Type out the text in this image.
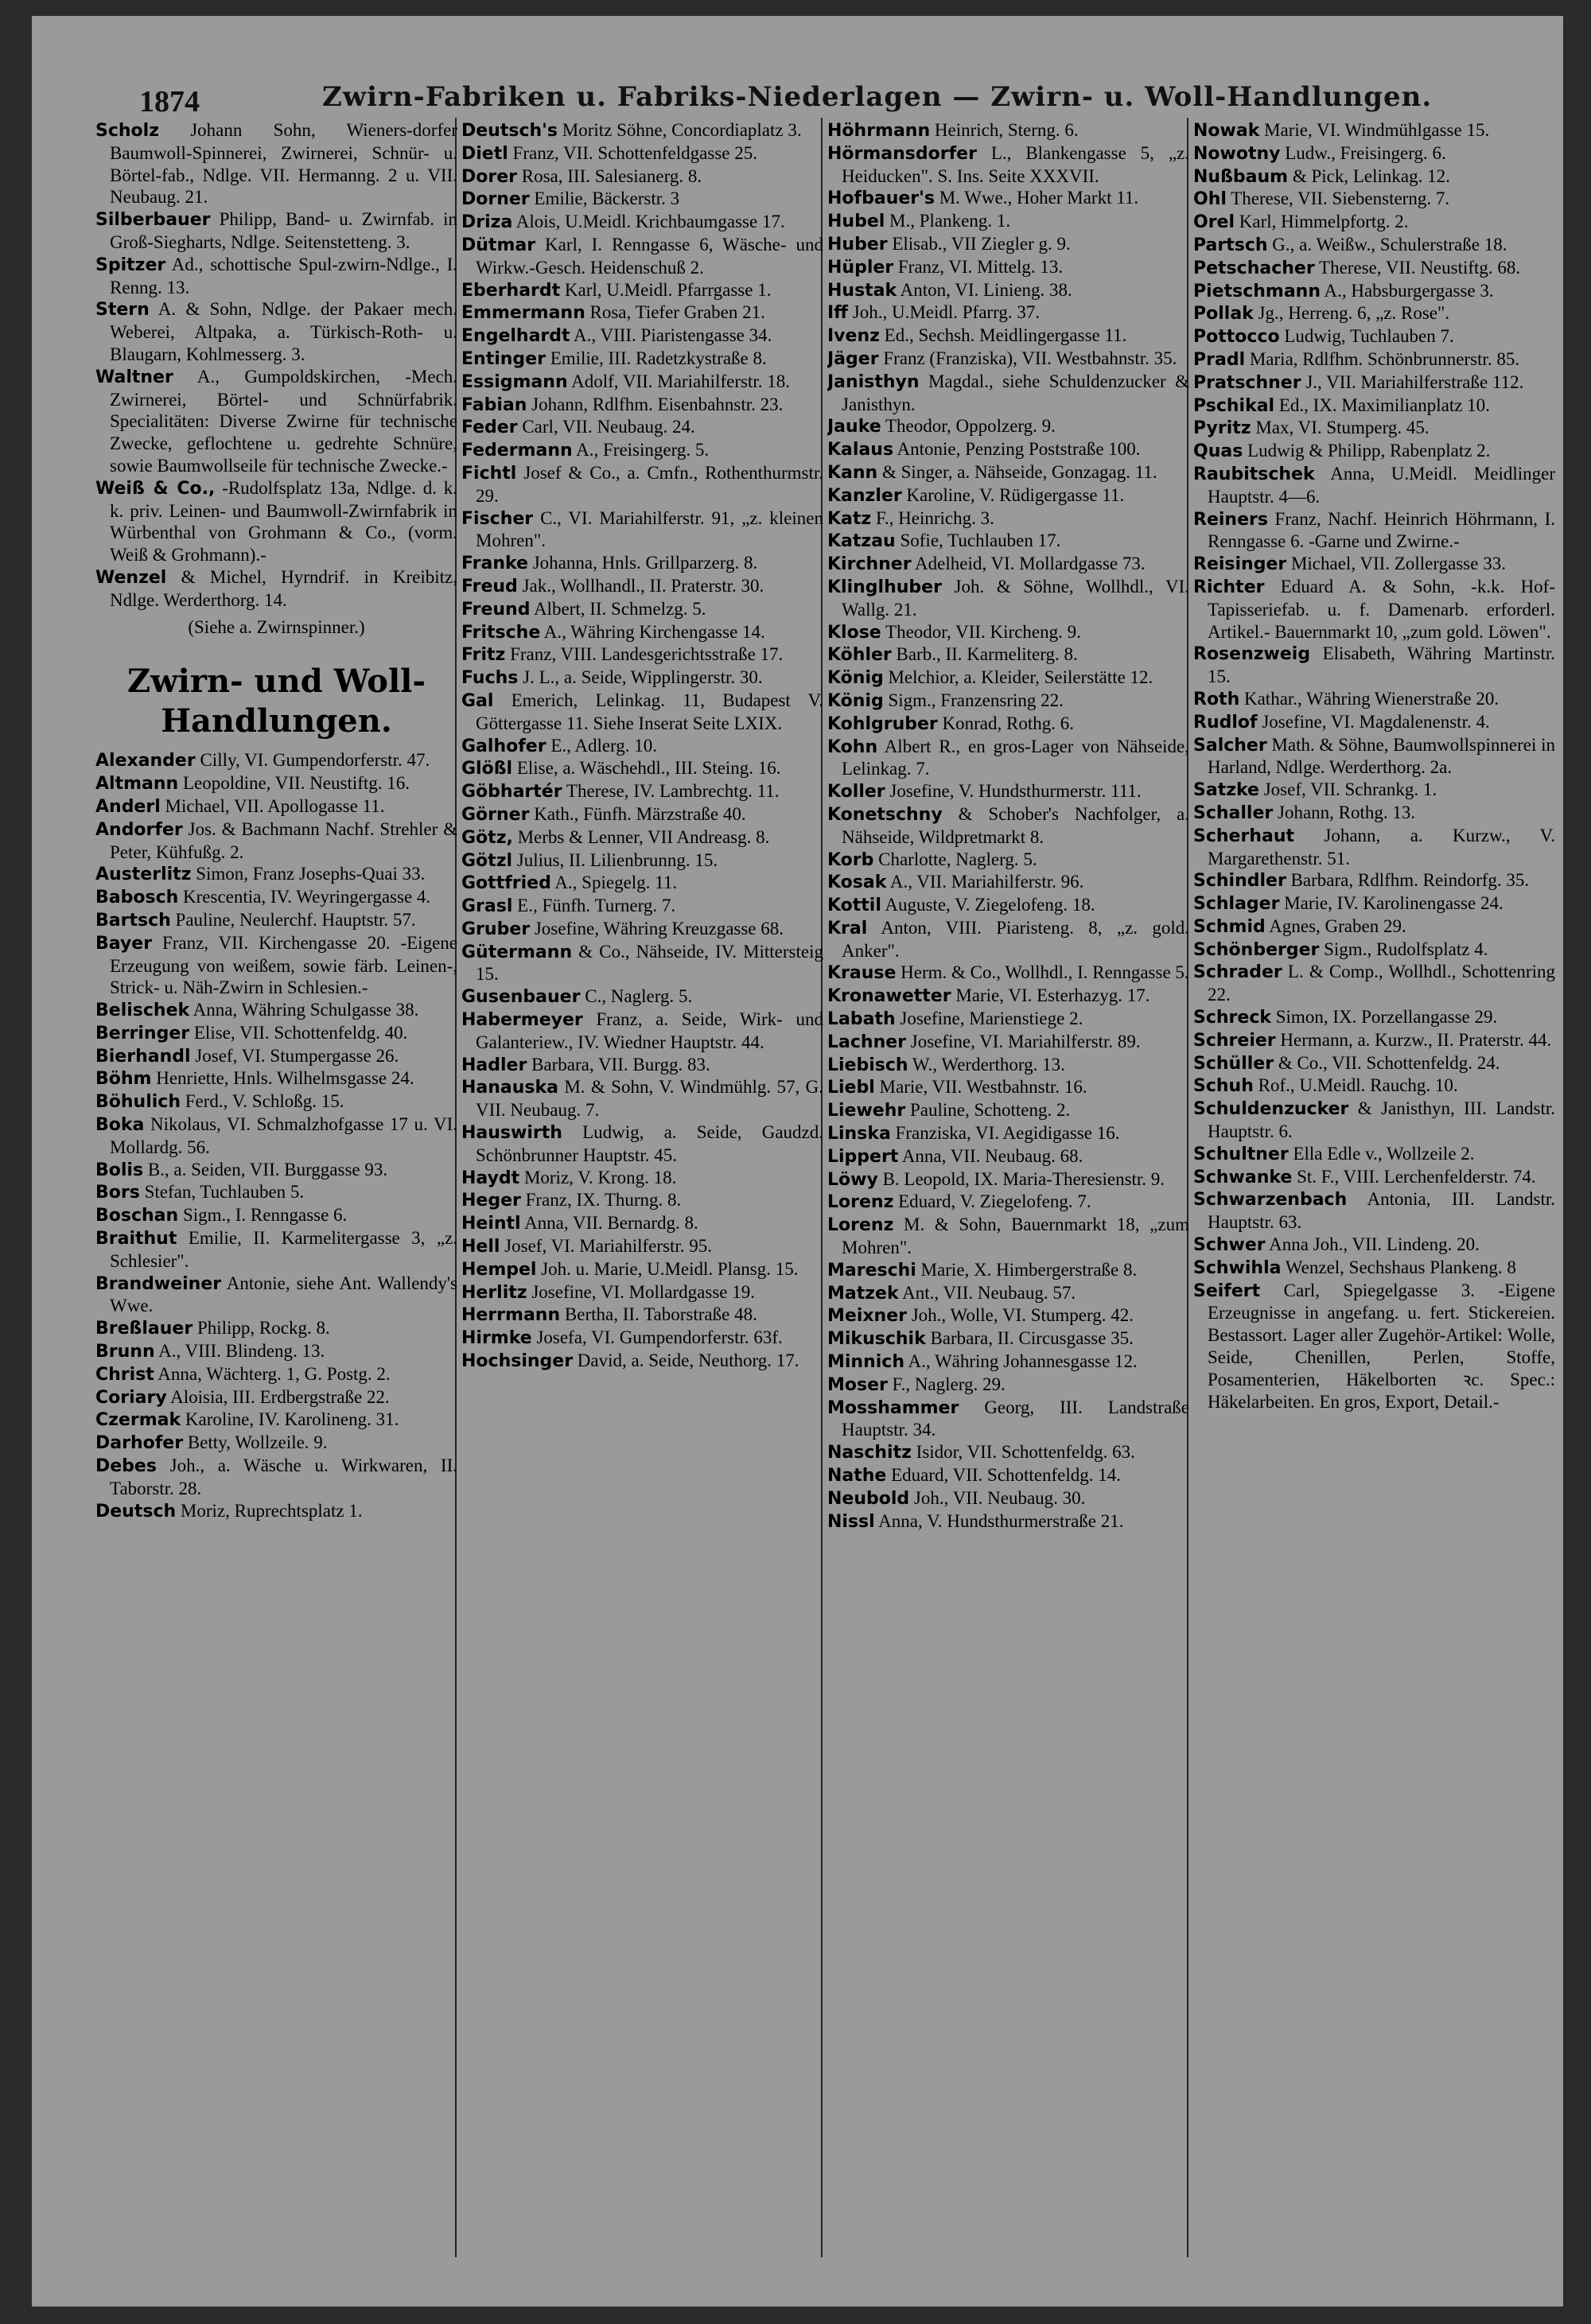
1874	Zwirn-Fabriken u. Fabriks-Niederlagen — Zwirn- u. Woll-Handlungen.

Scholz Johann Sohn, Wieners-dorfer Baumwoll-Spinnerei, Zwirnerei, Schnür- u. Börtel-fab., Ndlge. VII. Hermanng. 2 u. VII. Neubaug. 21.

Silberbauer Philipp, Band- u. Zwirnfab. in Groß-Siegharts, Ndlge. Seitenstetteng. 3.

Spitzer Ad., schottische Spul-zwirn-Ndlge., I. Renng. 13.

Stern A. & Sohn, Ndlge. der Pakaer mech. Weberei, Altpaka, a. Türkisch-Roth- u. Blaugarn, Kohlmesserg. 3.

Waltner A., Gumpoldskirchen, -Mech. Zwirnerei, Börtel- und Schnürfabrik. Specialitäten: Diverse Zwirne für technische Zwecke, geflochtene u. gedrehte Schnüre, sowie Baumwollseile für technische Zwecke.-

Weiß & Co., -Rudolfsplatz 13a, Ndlge. d. k. k. priv. Leinen- und Baumwoll-Zwirnfabrik in Würbenthal von Grohmann & Co., (vorm. Weiß & Grohmann).-

Wenzel & Michel, Hyrndrif. in Kreibitz, Ndlge. Werderthorg. 14.

(Siehe a. Zwirnspinner.)
Zwirn- und Woll-Handlungen.

Alexander Cilly, VI. Gumpendorferstr. 47.

Altmann Leopoldine, VII. Neustiftg. 16.

Anderl Michael, VII. Apollogasse 11.

Andorfer Jos. & Bachmann Nachf. Strehler & Peter, Kühfußg. 2.

Austerlitz Simon, Franz Josephs-Quai 33.

Babosch Krescentia, IV. Weyringergasse 4.

Bartsch Pauline, Neulerchf. Hauptstr. 57.

Bayer Franz, VII. Kirchengasse 20. -Eigene Erzeugung von weißem, sowie färb. Leinen-, Strick- u. Näh-Zwirn in Schlesien.-

Belischek Anna, Währing Schulgasse 38.

Berringer Elise, VII. Schottenfeldg. 40.

Bierhandl Josef, VI. Stumpergasse 26.

Böhm Henriette, Hnls. Wilhelmsgasse 24.

Böhulich Ferd., V. Schloßg. 15.

Boka Nikolaus, VI. Schmalzhofgasse 17 u. VI. Mollardg. 56.

Bolis B., a. Seiden, VII. Burggasse 93.

Bors Stefan, Tuchlauben 5.

Boschan Sigm., I. Renngasse 6.

Braithut Emilie, II. Karmelitergasse 3, „z. Schlesier".

Brandweiner Antonie, siehe Ant. Wallendy's Wwe.

Breßlauer Philipp, Rockg. 8.

Brunn A., VIII. Blindeng. 13.

Christ Anna, Wächterg. 1, G. Postg. 2.

Coriary Aloisia, III. Erdbergstraße 22.

Czermak Karoline, IV. Karolineng. 31.

Darhofer Betty, Wollzeile. 9.

Debes Joh., a. Wäsche u. Wirkwaren, II. Taborstr. 28.

Deutsch Moriz, Ruprechtsplatz 1.

Deutsch's Moritz Söhne, Concordiaplatz 3.

Dietl Franz, VII. Schottenfeldgasse 25.

Dorer Rosa, III. Salesianerg. 8.

Dorner Emilie, Bäckerstr. 3

Driza Alois, U.Meidl. Krichbaumgasse 17.

Dütmar Karl, I. Renngasse 6, Wäsche- und Wirkw.-Gesch. Heidenschuß 2.

Eberhardt Karl, U.Meidl. Pfarrgasse 1.

Emmermann Rosa, Tiefer Graben 21.

Engelhardt A., VIII. Piaristengasse 34.

Entinger Emilie, III. Radetzkystraße 8.

Essigmann Adolf, VII. Mariahilferstr. 18.

Fabian Johann, Rdlfhm. Eisenbahnstr. 23.

Feder Carl, VII. Neubaug. 24.

Federmann A., Freisingerg. 5.

Fichtl Josef & Co., a. Cmfn., Rothenthurmstr. 29.

Fischer C., VI. Mariahilferstr. 91, „z. kleinen Mohren".

Franke Johanna, Hnls. Grillparzerg. 8.

Freud Jak., Wollhandl., II. Praterstr. 30.

Freund Albert, II. Schmelzg. 5.

Fritsche A., Währing Kirchengasse 14.

Fritz Franz, VIII. Landesgerichtsstraße 17.

Fuchs J. L., a. Seide, Wipplingerstr. 30.

Gal Emerich, Lelinkag. 11, Budapest V. Göttergasse 11. Siehe Inserat Seite LXIX.

Galhofer E., Adlerg. 10.

Glößl Elise, a. Wäschehdl., III. Steing. 16.

Göbhartér Therese, IV. Lambrechtg. 11.

Görner Kath., Fünfh. Märzstraße 40.

Götz, Merbs & Lenner, VII Andreasg. 8.

Götzl Julius, II. Lilienbrunng. 15.

Gottfried A., Spiegelg. 11.

Grasl E., Fünfh. Turnerg. 7.

Gruber Josefine, Währing Kreuzgasse 68.

Gütermann & Co., Nähseide, IV. Mittersteig 15.

Gusenbauer C., Naglerg. 5.

Habermeyer Franz, a. Seide, Wirk- und Galanteriew., IV. Wiedner Hauptstr. 44.

Hadler Barbara, VII. Burgg. 83.

Hanauska M. & Sohn, V. Windmühlg. 57, G. VII. Neubaug. 7.

Hauswirth Ludwig, a. Seide, Gaudzd. Schönbrunner Hauptstr. 45.

Haydt Moriz, V. Krong. 18.

Heger Franz, IX. Thurng. 8.

Heintl Anna, VII. Bernardg. 8.

Hell Josef, VI. Mariahilferstr. 95.

Hempel Joh. u. Marie, U.Meidl. Plansg. 15.

Herlitz Josefine, VI. Mollardgasse 19.

Herrmann Bertha, II. Taborstraße 48.

Hirmke Josefa, VI. Gumpendorferstr. 63f.

Hochsinger David, a. Seide, Neuthorg. 17.

Höhrmann Heinrich, Sterng. 6.

Hörmansdorfer L., Blankengasse 5, „z. Heiducken". S. Ins. Seite XXXVII.

Hofbauer's M. Wwe., Hoher Markt 11.

Hubel M., Plankeng. 1.

Huber Elisab., VII Ziegler g. 9.

Hüpler Franz, VI. Mittelg. 13.

Hustak Anton, VI. Linieng. 38.

Iff Joh., U.Meidl. Pfarrg. 37.

Ivenz Ed., Sechsh. Meidlingergasse 11.

Jäger Franz (Franziska), VII. Westbahnstr. 35.

Janisthyn Magdal., siehe Schuldenzucker & Janisthyn.

Jauke Theodor, Oppolzerg. 9.

Kalaus Antonie, Penzing Poststraße 100.

Kann & Singer, a. Nähseide, Gonzagag. 11.

Kanzler Karoline, V. Rüdigergasse 11.

Katz F., Heinrichg. 3.

Katzau Sofie, Tuchlauben 17.

Kirchner Adelheid, VI. Mollardgasse 73.

Klinglhuber Joh. & Söhne, Wollhdl., VI. Wallg. 21.

Klose Theodor, VII. Kircheng. 9.

Köhler Barb., II. Karmeliterg. 8.

König Melchior, a. Kleider, Seilerstätte 12.

König Sigm., Franzensring 22.

Kohlgruber Konrad, Rothg. 6.

Kohn Albert R., en gros-Lager von Nähseide, Lelinkag. 7.

Koller Josefine, V. Hundsthurmerstr. 111.

Konetschny & Schober's Nachfolger, a. Nähseide, Wildpretmarkt 8.

Korb Charlotte, Naglerg. 5.

Kosak A., VII. Mariahilferstr. 96.

Kottil Auguste, V. Ziegelofeng. 18.

Kral Anton, VIII. Piaristeng. 8, „z. gold. Anker".

Krause Herm. & Co., Wollhdl., I. Renngasse 5.

Kronawetter Marie, VI. Esterhazyg. 17.

Labath Josefine, Marienstiege 2.

Lachner Josefine, VI. Mariahilferstr. 89.

Liebisch W., Werderthorg. 13.

Liebl Marie, VII. Westbahnstr. 16.

Liewehr Pauline, Schotteng. 2.

Linska Franziska, VI. Aegidigasse 16.

Lippert Anna, VII. Neubaug. 68.

Löwy B. Leopold, IX. Maria-Theresienstr. 9.

Lorenz Eduard, V. Ziegelofeng. 7.

Lorenz M. & Sohn, Bauernmarkt 18, „zum Mohren".

Mareschi Marie, X. Himbergerstraße 8.

Matzek Ant., VII. Neubaug. 57.

Meixner Joh., Wolle, VI. Stumperg. 42.

Mikuschik Barbara, II. Circusgasse 35.

Minnich A., Währing Johannesgasse 12.

Moser F., Naglerg. 29.

Mosshammer Georg, III. Landstraße Hauptstr. 34.

Naschitz Isidor, VII. Schottenfeldg. 63.

Nathe Eduard, VII. Schottenfeldg. 14.

Neubold Joh., VII. Neubaug. 30.

Nissl Anna, V. Hundsthurmerstraße 21.

Nowak Marie, VI. Windmühlgasse 15.

Nowotny Ludw., Freisingerg. 6.

Nußbaum & Pick, Lelinkag. 12.

Ohl Therese, VII. Siebensterng. 7.

Orel Karl, Himmelpfortg. 2.

Partsch G., a. Weißw., Schulerstraße 18.

Petschacher Therese, VII. Neustiftg. 68.

Pietschmann A., Habsburgergasse 3.

Pollak Jg., Herreng. 6, „z. Rose".

Pottocco Ludwig, Tuchlauben 7.

Pradl Maria, Rdlfhm. Schönbrunnerstr. 85.

Pratschner J., VII. Mariahilferstraße 112.

Pschikal Ed., IX. Maximilianplatz 10.

Pyritz Max, VI. Stumperg. 45.

Quas Ludwig & Philipp, Rabenplatz 2.

Raubitschek Anna, U.Meidl. Meidlinger Hauptstr. 4—6.

Reiners Franz, Nachf. Heinrich Höhrmann, I. Renngasse 6. -Garne und Zwirne.-

Reisinger Michael, VII. Zollergasse 33.

Richter Eduard A. & Sohn, -k.k. Hof-Tapisseriefab. u. f. Damenarb. erforderl. Artikel.- Bauernmarkt 10, „zum gold. Löwen".

Rosenzweig Elisabeth, Währing Martinstr. 15.

Roth Kathar., Währing Wienerstraße 20.

Rudlof Josefine, VI. Magdalenenstr. 4.

Salcher Math. & Söhne, Baumwollspinnerei in Harland, Ndlge. Werderthorg. 2a.

Satzke Josef, VII. Schrankg. 1.

Schaller Johann, Rothg. 13.

Scherhaut Johann, a. Kurzw., V. Margarethenstr. 51.

Schindler Barbara, Rdlfhm. Reindorfg. 35.

Schlager Marie, IV. Karolinengasse 24.

Schmid Agnes, Graben 29.

Schönberger Sigm., Rudolfsplatz 4.

Schrader L. & Comp., Wollhdl., Schottenring 22.

Schreck Simon, IX. Porzellangasse 29.

Schreier Hermann, a. Kurzw., II. Praterstr. 44.

Schüller & Co., VII. Schottenfeldg. 24.

Schuh Rof., U.Meidl. Rauchg. 10.

Schuldenzucker & Janisthyn, III. Landstr. Hauptstr. 6.

Schultner Ella Edle v., Wollzeile 2.

Schwanke St. F., VIII. Lerchenfelderstr. 74.

Schwarzenbach Antonia, III. Landstr. Hauptstr. 63.

Schwer Anna Joh., VII. Lindeng. 20.

Schwihla Wenzel, Sechshaus Plankeng. 8

Seifert Carl, Spiegelgasse 3. -Eigene Erzeugnisse in angefang. u. fert. Stickereien. Bestassort. Lager aller Zugehör-Artikel: Wolle, Seide, Chenillen, Perlen, Stoffe, Posamenterien, Häkelborten ꝛc. Spec.: Häkelarbeiten. En gros, Export, Detail.-
